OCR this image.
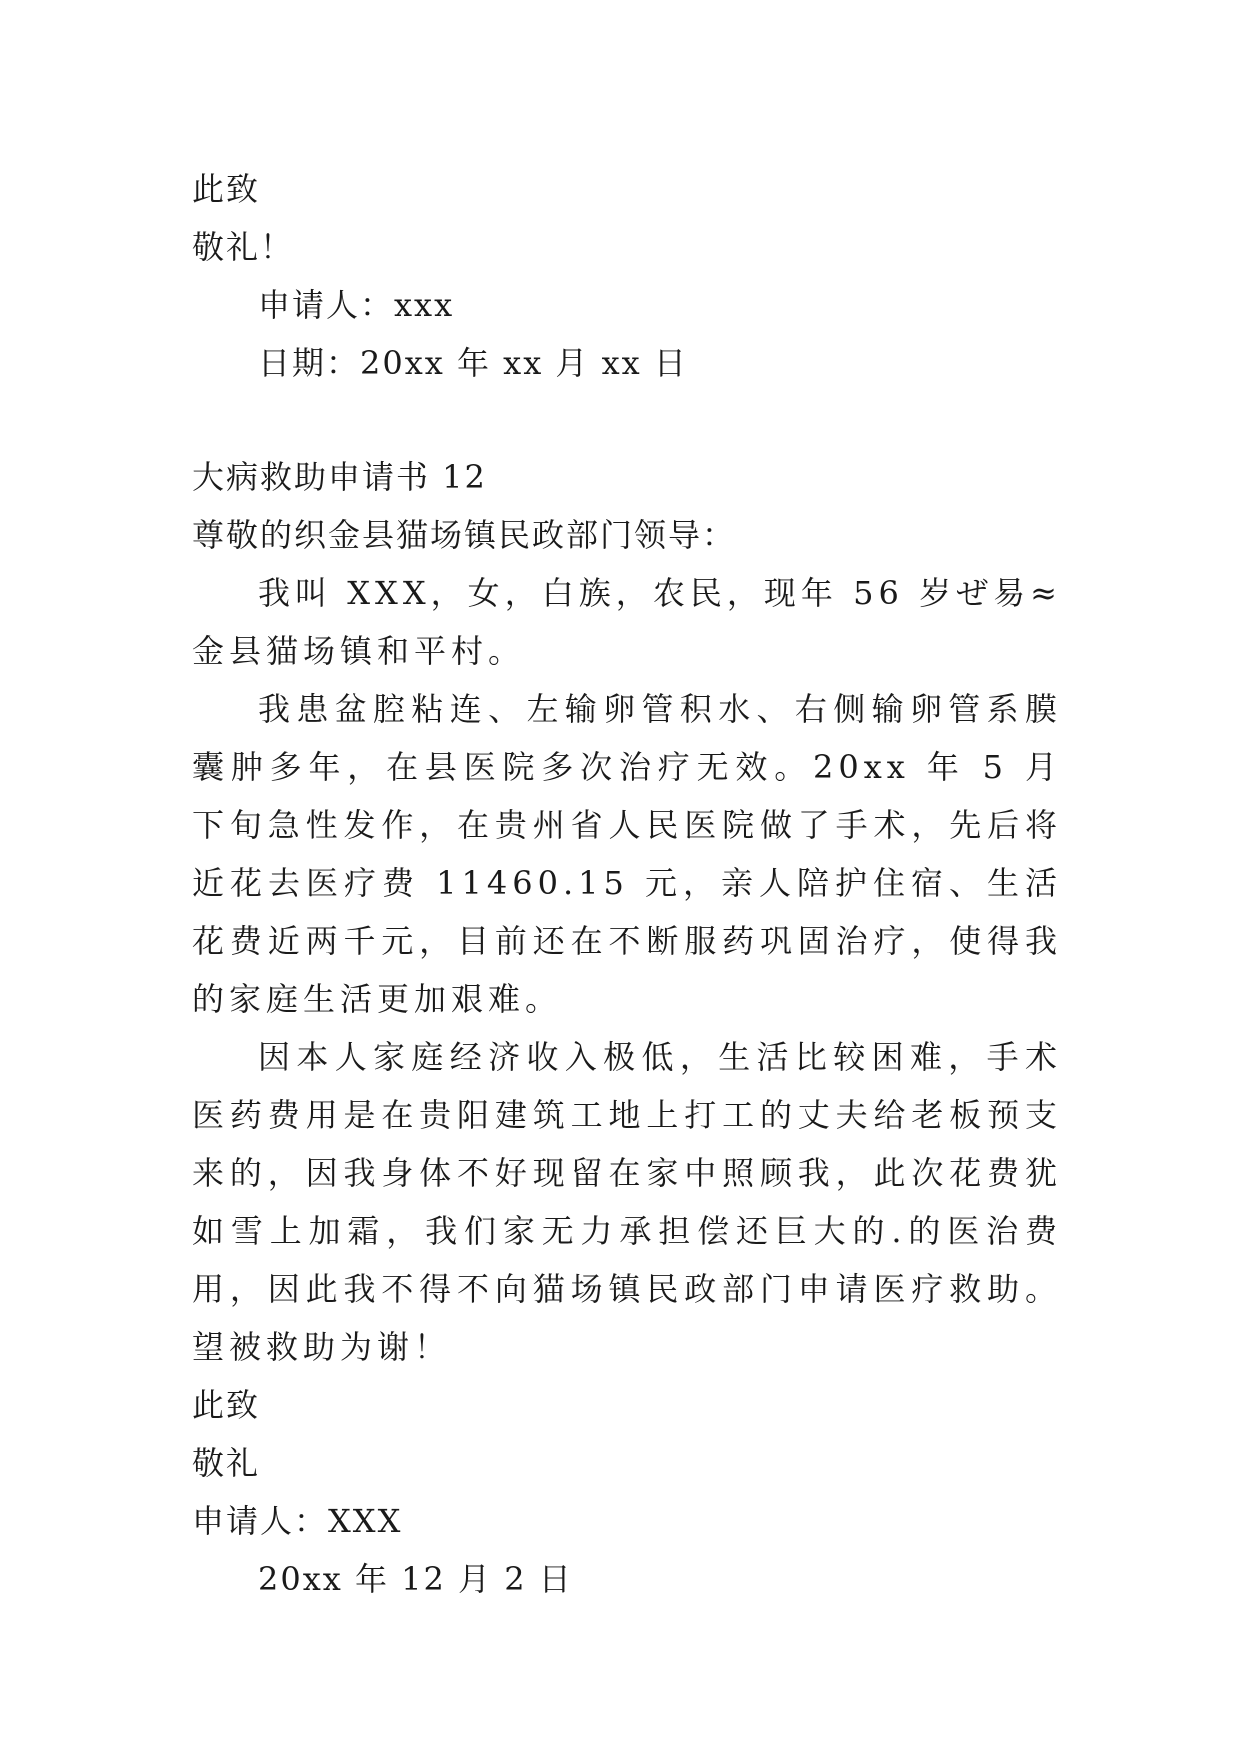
此致
敬礼！
申请人：xxx
日期：20xx 年 xx 月 xx 日
大病救助申请书 12
尊敬的织金县猫场镇民政部门领导：
我叫 XXX，女，白族，农民，现年 56 岁ぜ易≈金县猫场镇和平村。
我患盆腔粘连、左输卵管积水、右侧输卵管系膜囊肿多年，在县医院多次治疗无效。20xx 年 5 月下旬急性发作，在贵州省人民医院做了手术，先后将近花去医疗费 11460.15 元，亲人陪护住宿、生活花费近两千元，目前还在不断服药巩固治疗，使得我的家庭生活更加艰难。
因本人家庭经济收入极低，生活比较困难，手术医药费用是在贵阳建筑工地上打工的丈夫给老板预支来的，因我身体不好现留在家中照顾我，此次花费犹如雪上加霜，我们家无力承担偿还巨大的.的医治费用，因此我不得不向猫场镇民政部门申请医疗救助。望被救助为谢！
此致
敬礼
申请人：XXX
20xx 年 12 月 2 日
